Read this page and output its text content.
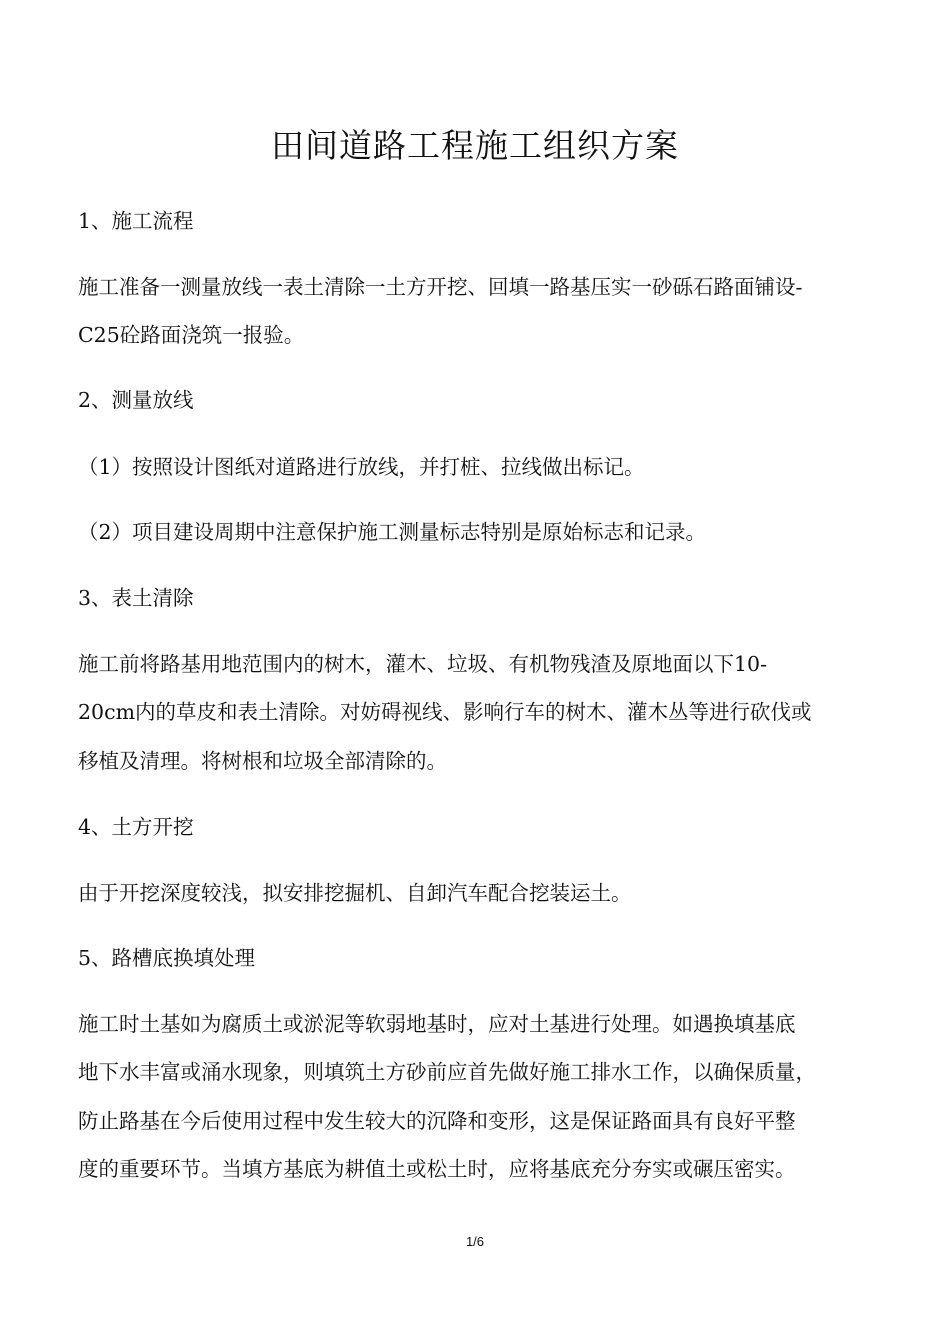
田间道路工程施工组织方案
1、施工流程
施工准备一测量放线一表土清除一土方开挖、回填一路基压实一砂砾石路面铺设-
C25砼路面浇筑一报验。
2、测量放线
（1）按照设计图纸对道路进行放线，并打桩、拉线做出标记。
（2）项目建设周期中注意保护施工测量标志特别是原始标志和记录。
3、表土清除
施工前将路基用地范围内的树木，灌木、垃圾、有机物残渣及原地面以下10-
20cm内的草皮和表土清除。对妨碍视线、影响行车的树木、灌木丛等进行砍伐或
移植及清理。将树根和垃圾全部清除的。
4、土方开挖
由于开挖深度较浅，拟安排挖掘机、自卸汽车配合挖装运土。
5、路槽底换填处理
施工时土基如为腐质土或淤泥等软弱地基时，应对土基进行处理。如遇换填基底
地下水丰富或涌水现象，则填筑土方砂前应首先做好施工排水工作，以确保质量，
防止路基在今后使用过程中发生较大的沉降和变形，这是保证路面具有良好平整
度的重要环节。当填方基底为耕值土或松土时，应将基底充分夯实或碾压密实。
1/6
